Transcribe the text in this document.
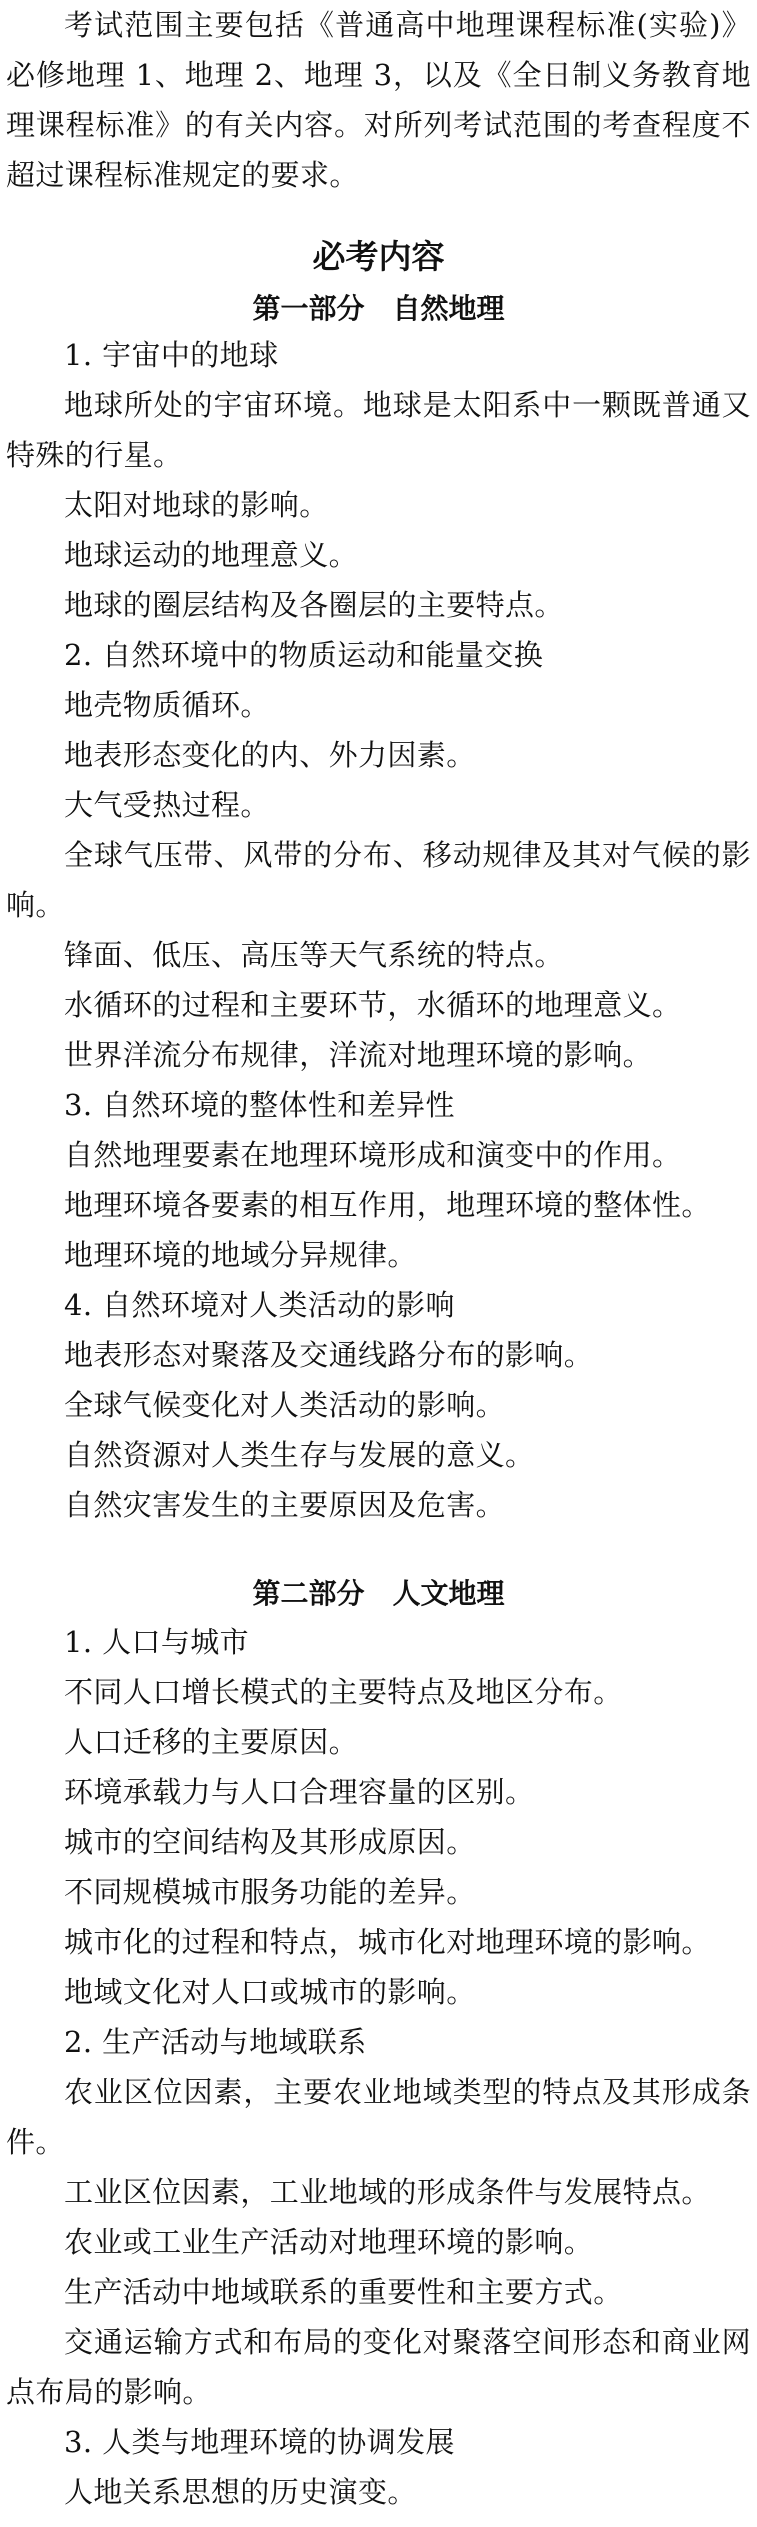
考试范围主要包括《普通高中地理课程标准(实验)》必修地理 1、地理 2、地理 3，以及《全日制义务教育地理课程标准》的有关内容。对所列考试范围的考查程度不超过课程标准规定的要求。

必考内容
第一部分 自然地理

1. 宇宙中的地球

地球所处的宇宙环境。地球是太阳系中一颗既普通又特殊的行星。

太阳对地球的影响。

地球运动的地理意义。

地球的圈层结构及各圈层的主要特点。

2. 自然环境中的物质运动和能量交换

地壳物质循环。

地表形态变化的内、外力因素。

大气受热过程。

全球气压带、风带的分布、移动规律及其对气候的影响。

锋面、低压、高压等天气系统的特点。

水循环的过程和主要环节，水循环的地理意义。

世界洋流分布规律，洋流对地理环境的影响。

3. 自然环境的整体性和差异性

自然地理要素在地理环境形成和演变中的作用。

地理环境各要素的相互作用，地理环境的整体性。

地理环境的地域分异规律。

4. 自然环境对人类活动的影响

地表形态对聚落及交通线路分布的影响。

全球气候变化对人类活动的影响。

自然资源对人类生存与发展的意义。

自然灾害发生的主要原因及危害。

第二部分 人文地理

1. 人口与城市

不同人口增长模式的主要特点及地区分布。

人口迁移的主要原因。

环境承载力与人口合理容量的区别。

城市的空间结构及其形成原因。

不同规模城市服务功能的差异。

城市化的过程和特点，城市化对地理环境的影响。

地域文化对人口或城市的影响。

2. 生产活动与地域联系

农业区位因素，主要农业地域类型的特点及其形成条件。

工业区位因素，工业地域的形成条件与发展特点。

农业或工业生产活动对地理环境的影响。

生产活动中地域联系的重要性和主要方式。

交通运输方式和布局的变化对聚落空间形态和商业网点布局的影响。

3. 人类与地理环境的协调发展

人地关系思想的历史演变。
